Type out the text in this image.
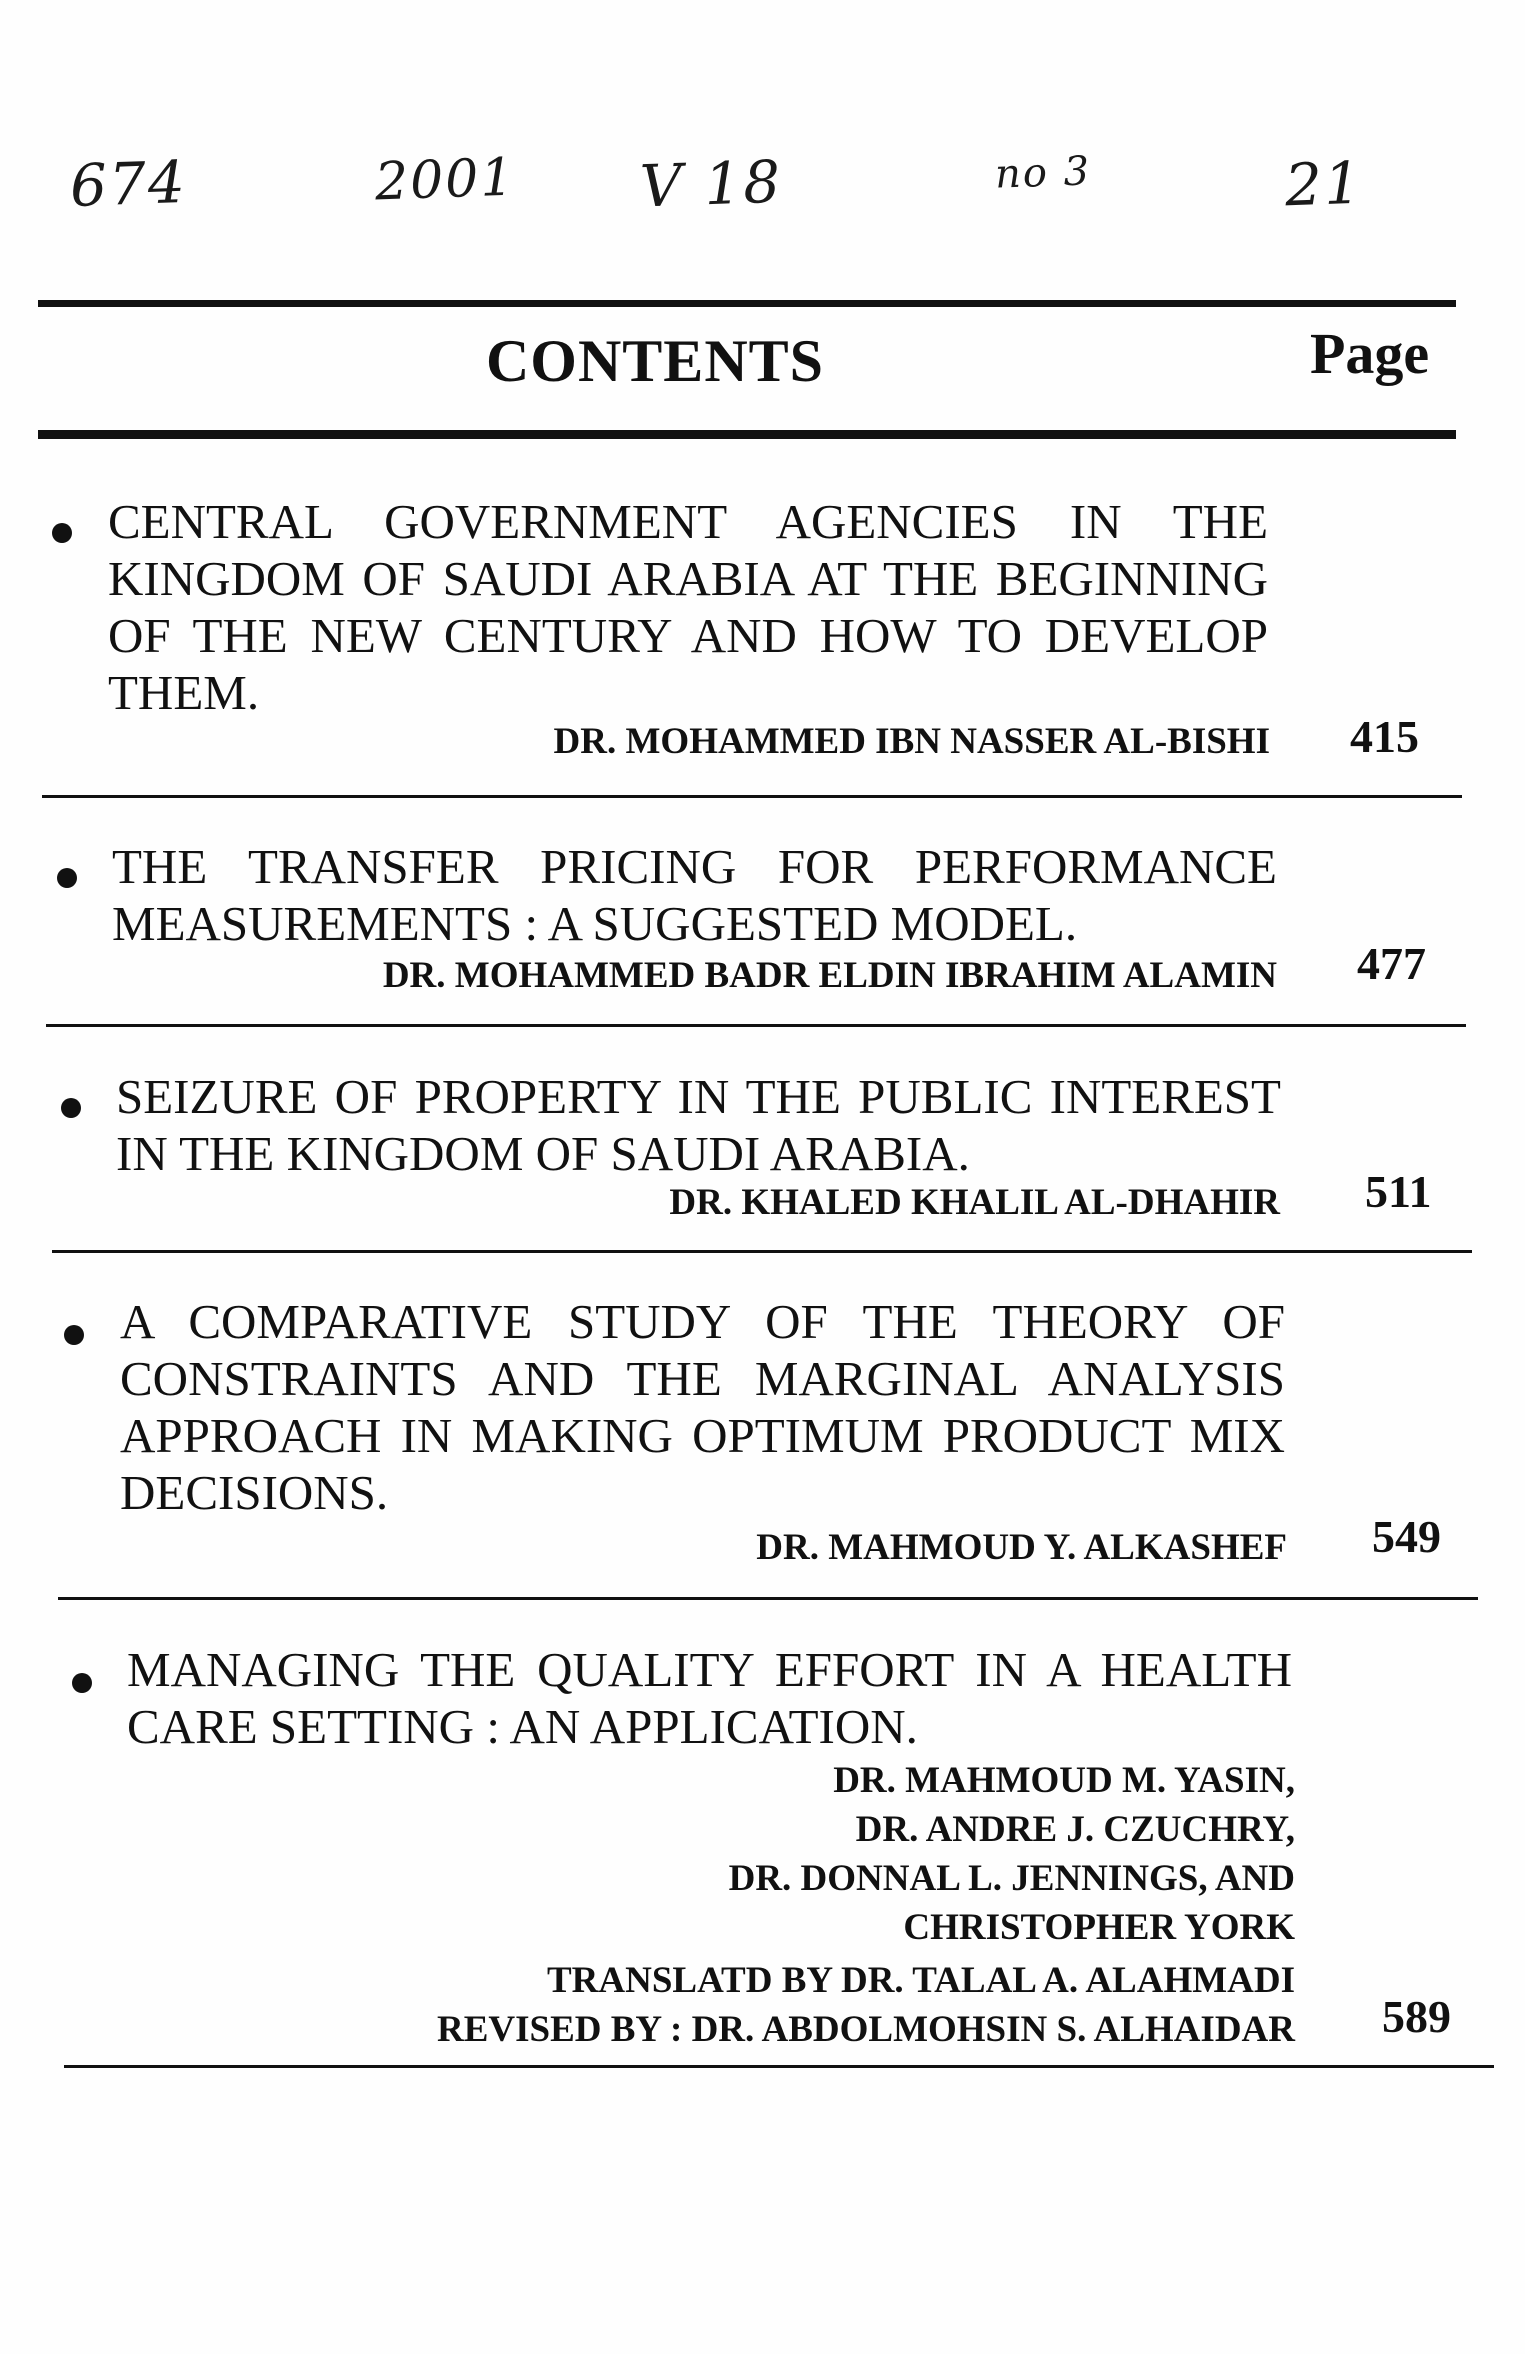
674	2001 V 18	no 3	21
CONTENTS	Page
CENTRAL GOVERNMENT AGENCIES IN THE KINGDOM OF SAUDI ARABIA AT THE BEGINNING OF THE NEW CENTURY AND HOW TO DEVELOP THEM.
DR. MOHAMMED IBN NASSER AL-BISHI 415
THE TRANSFER PRICING FOR PERFORMANCE MEASUREMENTS : A SUGGESTED MODEL.
DR. MOHAMMED BADR ELDIN IBRAHIM ALAMIN 477
SEIZURE OF PROPERTY IN THE PUBLIC INTEREST IN THE KINGDOM OF SAUDI ARABIA.
DR. KHALED KHALIL AL-DHAHIR 511
A COMPARATIVE STUDY OF THE THEORY OF CONSTRAINTS AND THE MARGINAL ANALYSIS APPROACH IN MAKING OPTIMUM PRODUCT MIX DECISIONS.
DR. MAHMOUD Y. ALKASHEF 549
MANAGING THE QUALITY EFFORT IN A HEALTH CARE SETTING : AN APPLICATION.
DR. MAHMOUD M. YASIN,
DR. ANDRE J. CZUCHRY,
DR. DONNAL L. JENNINGS, AND
CHRISTOPHER YORK
TRANSLATD BY DR. TALAL A. ALAHMADI
REVISED BY : DR. ABDOLMOHSIN S. ALHAIDAR 589
